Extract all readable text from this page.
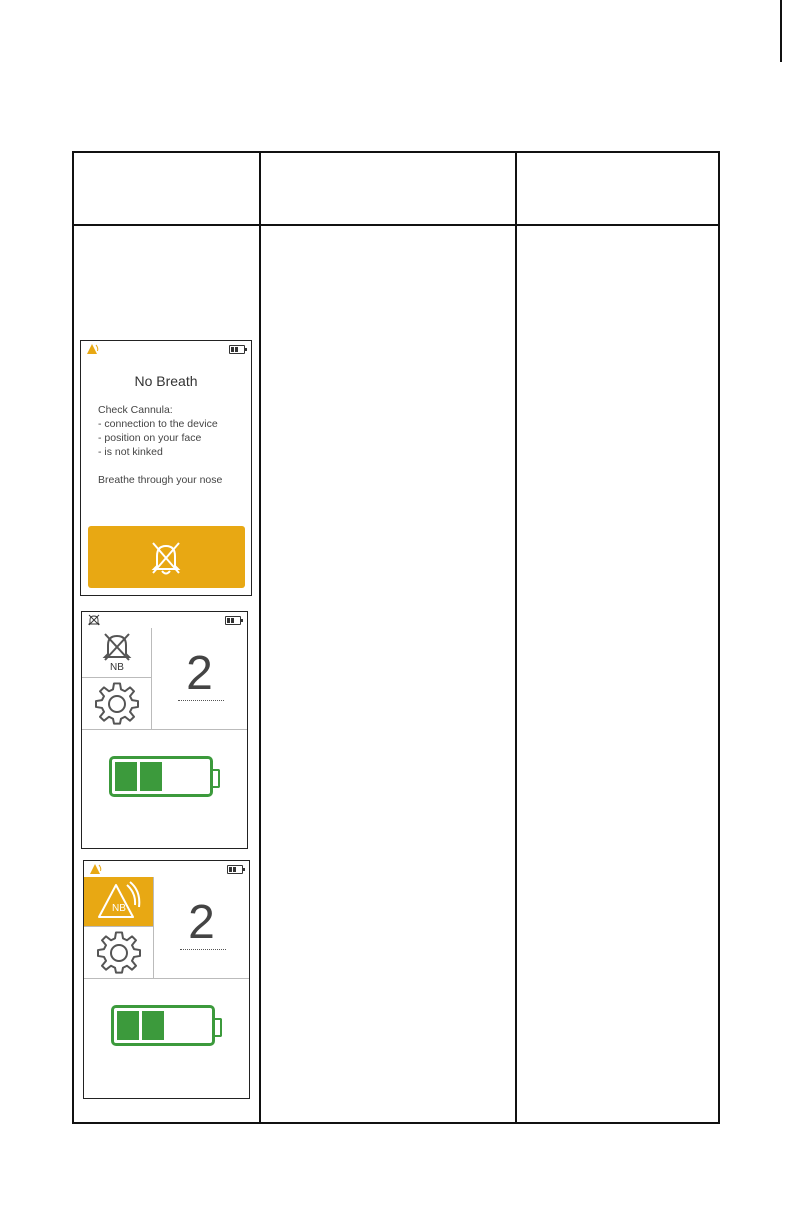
No Breath
Check Cannula:
- connection to the device
- position on your face
- is not kinked
Breathe through your nose
NB	2
NB	2
